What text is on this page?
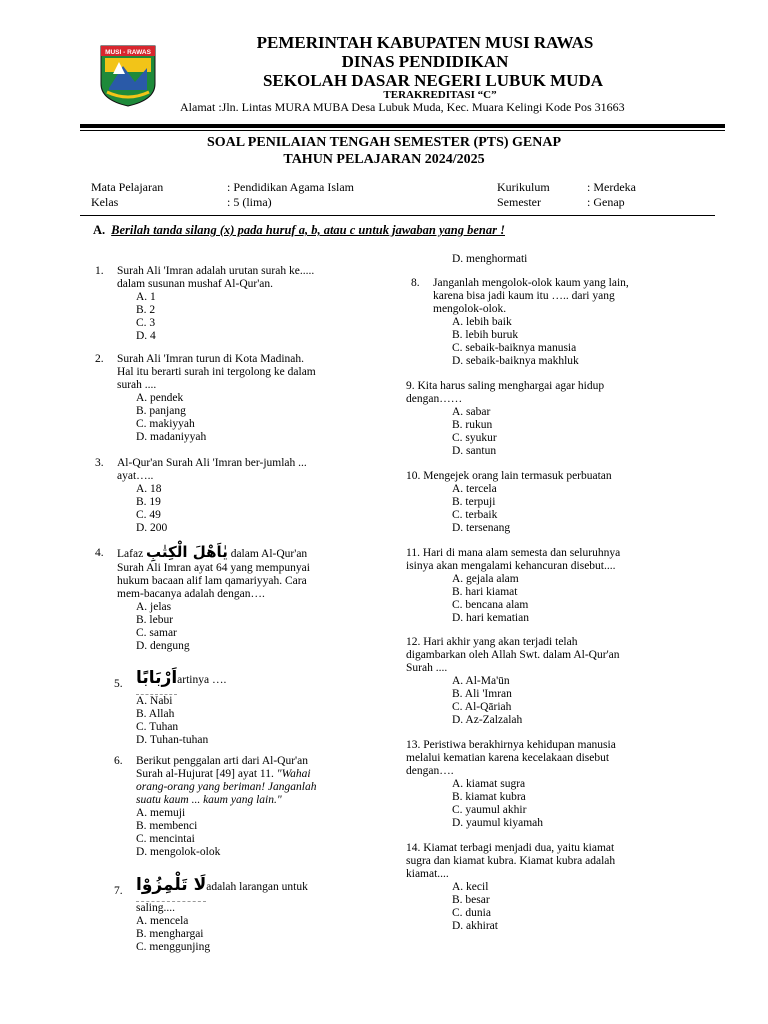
MUSI - RAWAS
PEMERINTAH KABUPATEN MUSI RAWAS
DINAS PENDIDIKAN
SEKOLAH DASAR NEGERI LUBUK MUDA
TERAKREDITASI “C”
Alamat :Jln. Lintas MURA MUBA Desa Lubuk Muda, Kec. Muara Kelingi Kode Pos 31663
SOAL PENILAIAN TENGAH SEMESTER (PTS) GENAP
TAHUN PELAJARAN 2024/2025
Mata Pelajaran	: Pendidikan Agama Islam
Kelas	: 5 (lima)
Kurikulum	: Merdeka
Semester	: Genap
A. Berilah tanda silang (x) pada huruf a, b, atau c untuk jawaban yang benar !
1. Surah Ali 'Imran adalah urutan surah ke.....
dalam susunan mushaf Al-Qur'an.
A. 1
B. 2
C. 3
D. 4
2. Surah Ali 'Imran turun di Kota Madinah.
Hal itu berarti surah ini tergolong ke dalam
surah ....
A. pendek
B. panjang
C. makiyyah
D. madaniyyah
3. Al-Qur'an Surah Ali 'Imran ber-jumlah ...
ayat…..
A. 18
B. 19
C. 49
D. 200
4. Lafaz يٰاَهْلَ الْكِتٰبِ dalam Al-Qur'an
Surah Ali Imran ayat 64 yang mempunyai
hukum bacaan alif lam qamariyyah. Cara
mem-bacanya adalah dengan….
A. jelas
B. lebur
C. samar
D. dengung
5. اَرْبَابًاartinya ….
A. Nabi
B. Allah
C. Tuhan
D. Tuhan-tuhan
6. Berikut penggalan arti dari Al-Qur'an
Surah al-Hujurat [49] ayat 11. "Wahai
orang-orang yang beriman! Janganlah
suatu kaum ... kaum yang lain."
A. memuji
B. membenci
C. mencintai
D. mengolok-olok
7. لَا تَلْمِزُوْاadalah larangan untuk
saling....
A. mencela
B. menghargai
C. menggunjing
D. menghormati
8. Janganlah mengolok-olok kaum yang lain,
karena bisa jadi kaum itu ….. dari yang
mengolok-olok.
A. lebih baik
B. lebih buruk
C. sebaik-baiknya manusia
D. sebaik-baiknya makhluk
9. Kita harus saling menghargai agar hidup
dengan……
A. sabar
B. rukun
C. syukur
D. santun
10. Mengejek orang lain termasuk perbuatan
A. tercela
B. terpuji
C. terbaik
D. tersenang
11. Hari di mana alam semesta dan seluruhnya
isinya akan mengalami kehancuran disebut....
A. gejala alam
B. hari kiamat
C. bencana alam
D. hari kematian
12. Hari akhir yang akan terjadi telah
digambarkan oleh Allah Swt. dalam Al-Qur'an
Surah ....
A. Al-Ma'ūn
B. Ali 'Imran
C. Al-Qāriah
D. Az-Zalzalah
13. Peristiwa berakhirnya kehidupan manusia
melalui kematian karena kecelakaan disebut
dengan….
A. kiamat sugra
B. kiamat kubra
C. yaumul akhir
D. yaumul kiyamah
14. Kiamat terbagi menjadi dua, yaitu kiamat
sugra dan kiamat kubra. Kiamat kubra adalah
kiamat....
A. kecil
B. besar
C. dunia
D. akhirat
